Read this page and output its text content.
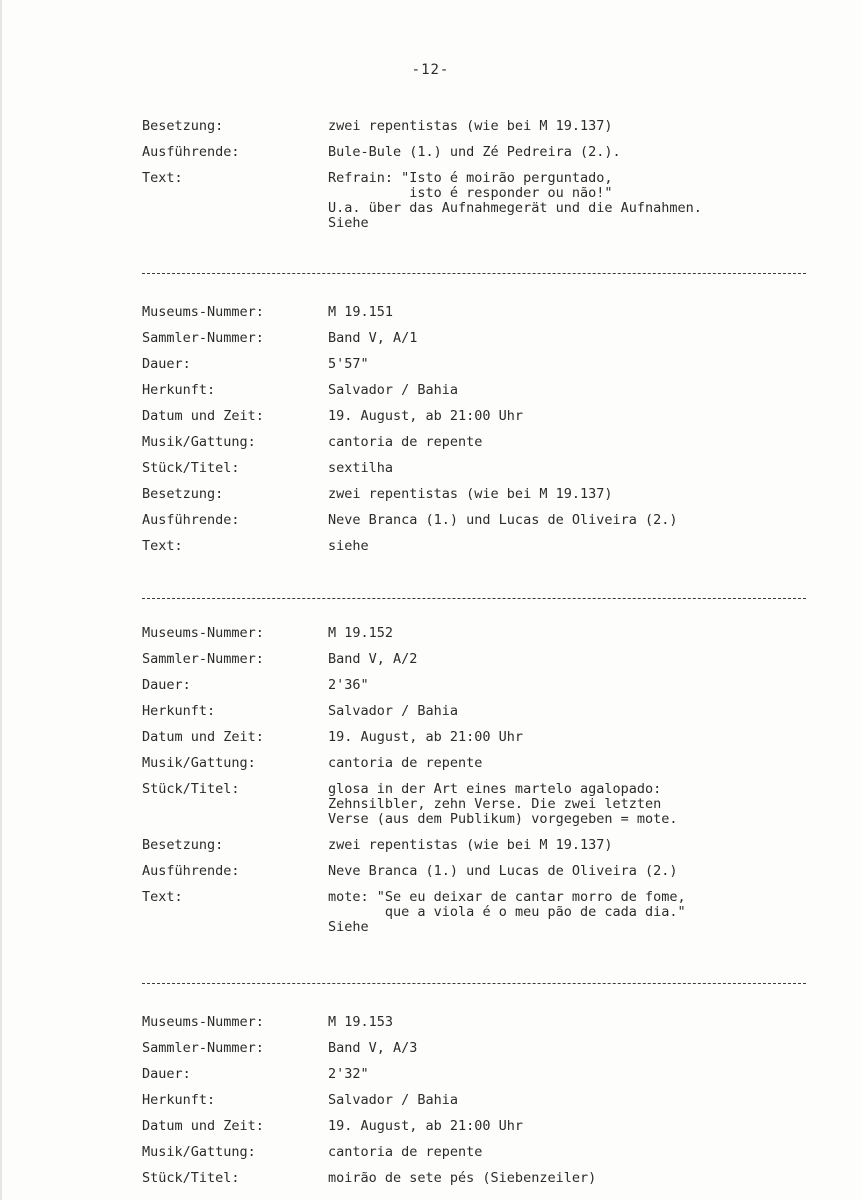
-12-
Besetzung:	zwei repentistas (wie bei M 19.137)
Ausführende:	Bule-Bule (1.) und Zé Pedreira (2.).
Text:	Refrain: "Isto é moirão perguntado,
isto é responder ou não!"
U.a. über das Aufnahmegerät und die Aufnahmen.
Siehe
Museums-Nummer:	M 19.151
Sammler-Nummer:	Band V, A/1
Dauer:	5'57"
Herkunft:	Salvador / Bahia
Datum und Zeit:	19. August, ab 21:00 Uhr
Musik/Gattung:	cantoria de repente
Stück/Titel:	sextilha
Besetzung:	zwei repentistas (wie bei M 19.137)
Ausführende:	Neve Branca (1.) und Lucas de Oliveira (2.)
Text:	siehe
Museums-Nummer:	M 19.152
Sammler-Nummer:	Band V, A/2
Dauer:	2'36"
Herkunft:	Salvador / Bahia
Datum und Zeit:	19. August, ab 21:00 Uhr
Musik/Gattung:	cantoria de repente
Stück/Titel:	glosa in der Art eines martelo agalopado:
Zehnsilbler, zehn Verse. Die zwei letzten
Verse (aus dem Publikum) vorgegeben = mote.
Besetzung:	zwei repentistas (wie bei M 19.137)
Ausführende:	Neve Branca (1.) und Lucas de Oliveira (2.)
Text:	mote: "Se eu deixar de cantar morro de fome,
que a viola é o meu pão de cada dia."
Siehe
Museums-Nummer:	M 19.153
Sammler-Nummer:	Band V, A/3
Dauer:	2'32"
Herkunft:	Salvador / Bahia
Datum und Zeit:	19. August, ab 21:00 Uhr
Musik/Gattung:	cantoria de repente
Stück/Titel:	moirão de sete pés (Siebenzeiler)
